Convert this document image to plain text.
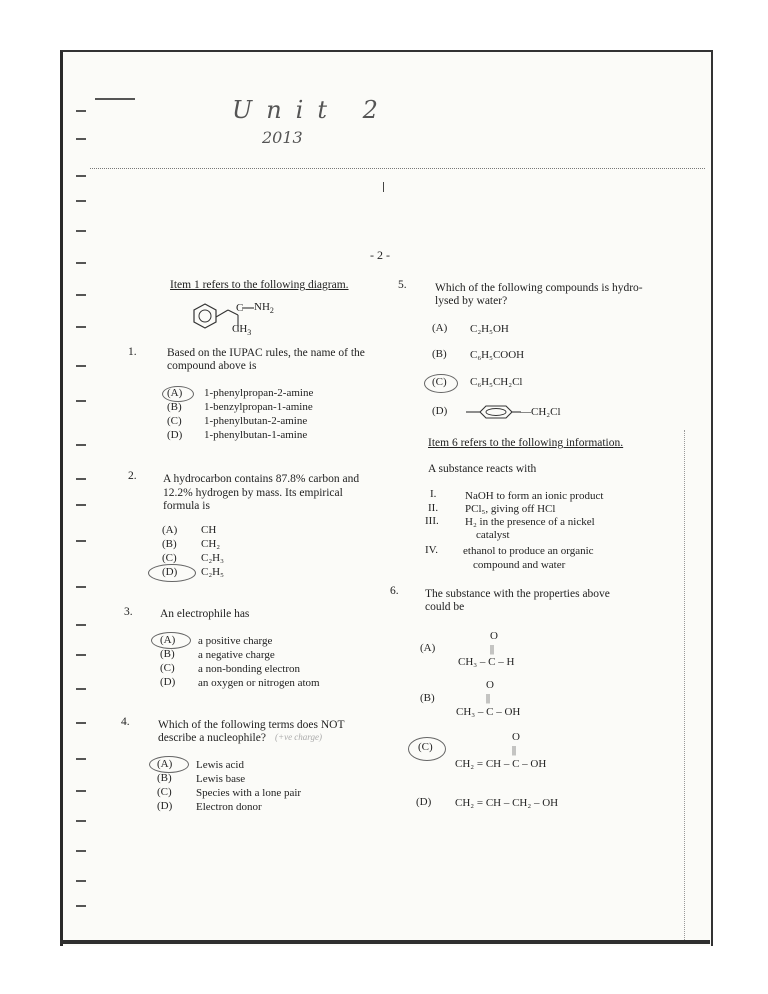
Unit 2
2013
- 2 -
Item 1 refers to the following diagram.
C $NH_2$
$CH_3$
1.	Based on the IUPAC rules, the name of the
compound above is
(A) 1-phenylpropan-2-amine
(B) 1-benzylpropan-1-amine
(C) 1-phenylbutan-2-amine
(D) 1-phenylbutan-1-amine
2. A hydrocarbon contains 87.8% carbon and
12.2% hydrogen by mass. Its empirical
formula is
(A) CH
(B) CH₂
(C) C₂H₃
(D) C₂H₅
3. An electrophile has
(A) a positive charge
(B) a negative charge
(C) a non-bonding electron
(D) an oxygen or nitrogen atom
4. Which of the following terms does NOT
describe a nucleophile? (+ve charge)
(A) Lewis acid
(B) Lewis base
(C) Species with a lone pair
(D) Electron donor
5. Which of the following compounds is hydro-
lysed by water?
(A) C₂H₅OH
(B) C₆H₅COOH
(C) C₆H₅CH₂Cl
(D)	—CH₂Cl
Item 6 refers to the following information.
A substance reacts with
I.	NaOH to form an ionic product
II. PCl₅, giving off HCl
III. H₂ in the presence of a nickel
catalyst
IV. ethanol to produce an organic
compound and water
6. The substance with the properties above
could be
(A)
O
||
CH₃ – C – H
(B)
O
||
CH₃ – C – OH
(C)
O
||
CH₂ = CH – C – OH
(D) CH₂ = CH – CH₂ – OH
